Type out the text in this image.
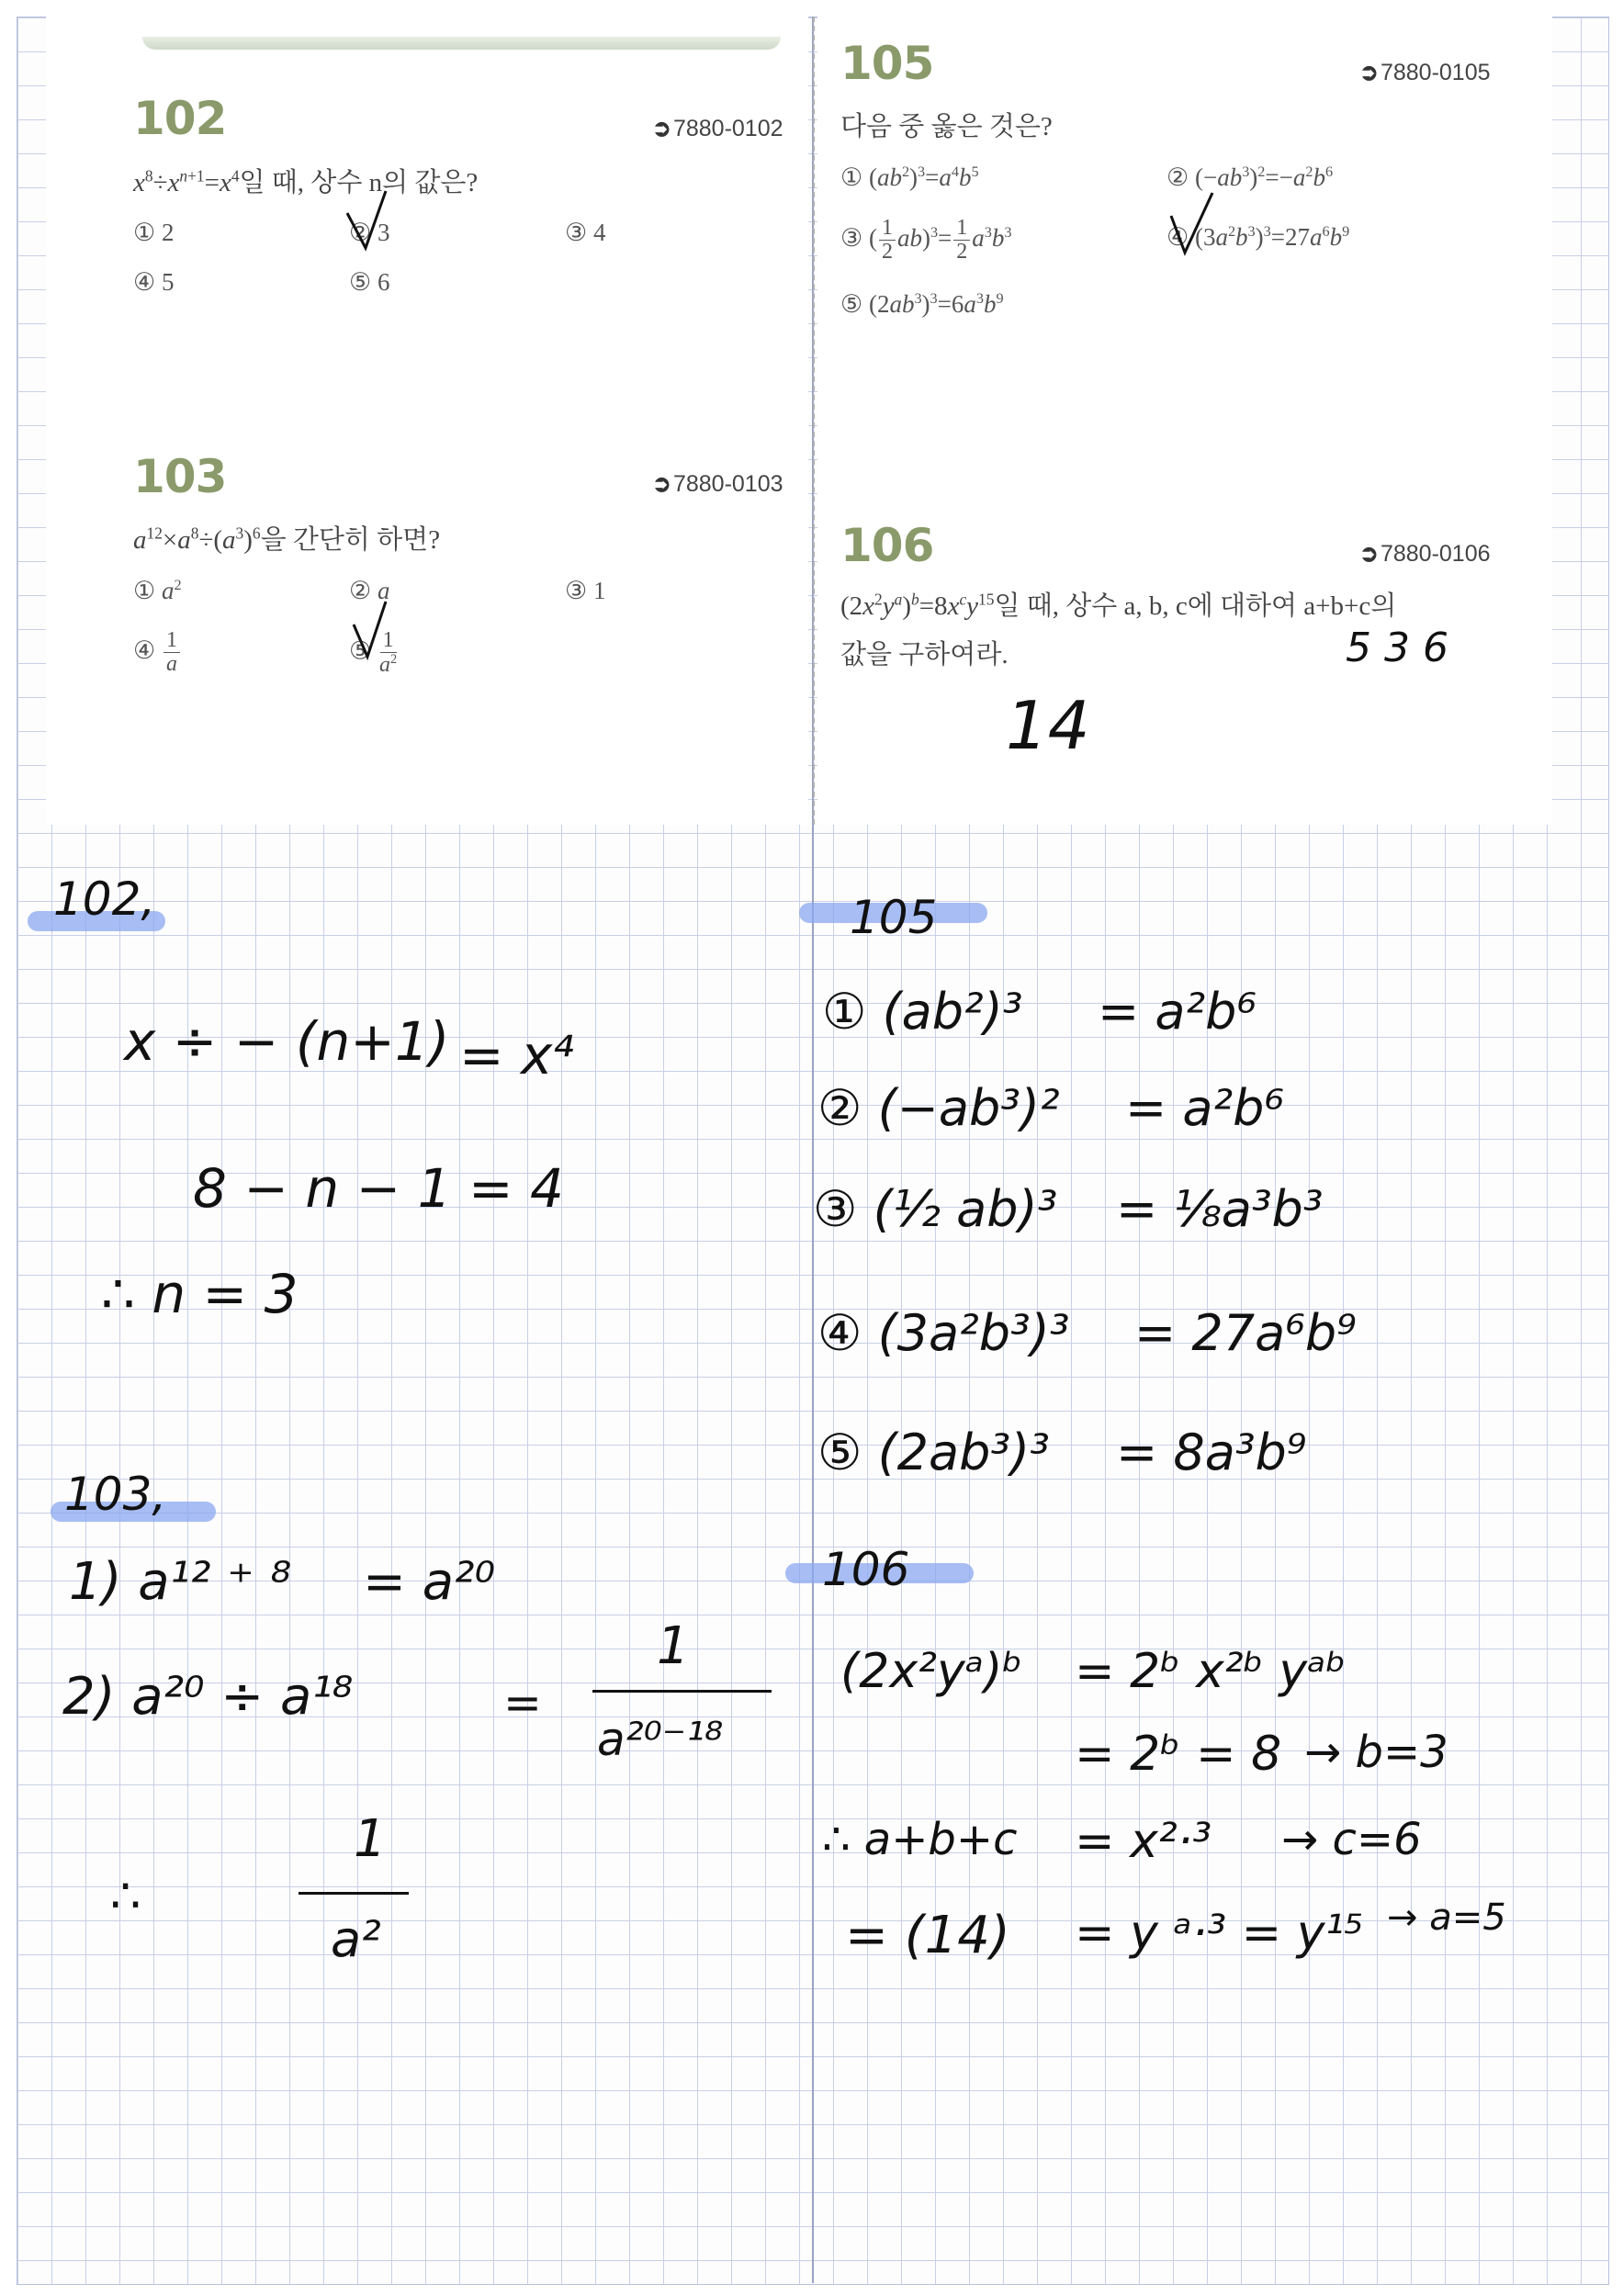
102	➲7880-0102
$x^8\div x^{n+1}=x^4$일 때, 상수 n의 값은?
① 2	② 3	③ 4
④ 5	⑤ 6
103	➲7880-0103
$a^{12}\times a^8\div(a^3)^6$을 간단히 하면?
① $a^2$	② a	③ 1
④ $\frac{1}{a}$	⑤ $\frac{1}{a^2}$
105	➲7880-0105
다음 중 옳은 것은?
① $(ab^2)^3=a^4b^5$	② $(-ab^3)^2=-a^2b^6$
③ ( $\frac{1}{2} ab)^3= \frac{1}{2} a^3b^3$	④ $(3a^2b^3)^3=27a^6b^9$
⑤ $(2ab^3)^3=6a^3b^9$
106	➲7880-0106
$(2x^2y^a)^b=8x^cy^{15}$일 때, 상수 a, b, c에 대하여 a+b+c의
값을 구하여라.	5 3 6
14
102,
x ÷ − (n+1) = x⁴
8 − n − 1 = 4
∴ n = 3
103,
1) a¹² ⁺ ⁸ = a²⁰
2) a²⁰ ÷ a¹⁸	=
1
a²⁰⁻¹⁸
∴
1
a²
105
① (ab²)³ = a²b⁶
② (−ab³)² = a²b⁶
③ (½ ab)³ = ⅛a³b³
④ (3a²b³)³ = 27a⁶b⁹
⑤ (2ab³)³ = 8a³b⁹
106
(2x²yᵃ)ᵇ = 2ᵇ x²ᵇ yᵃᵇ
= 2ᵇ = 8 → b=3
∴ a+b+c = x²·³ → c=6
= (14) = y ᵃ·³ = y¹⁵ → a=5
